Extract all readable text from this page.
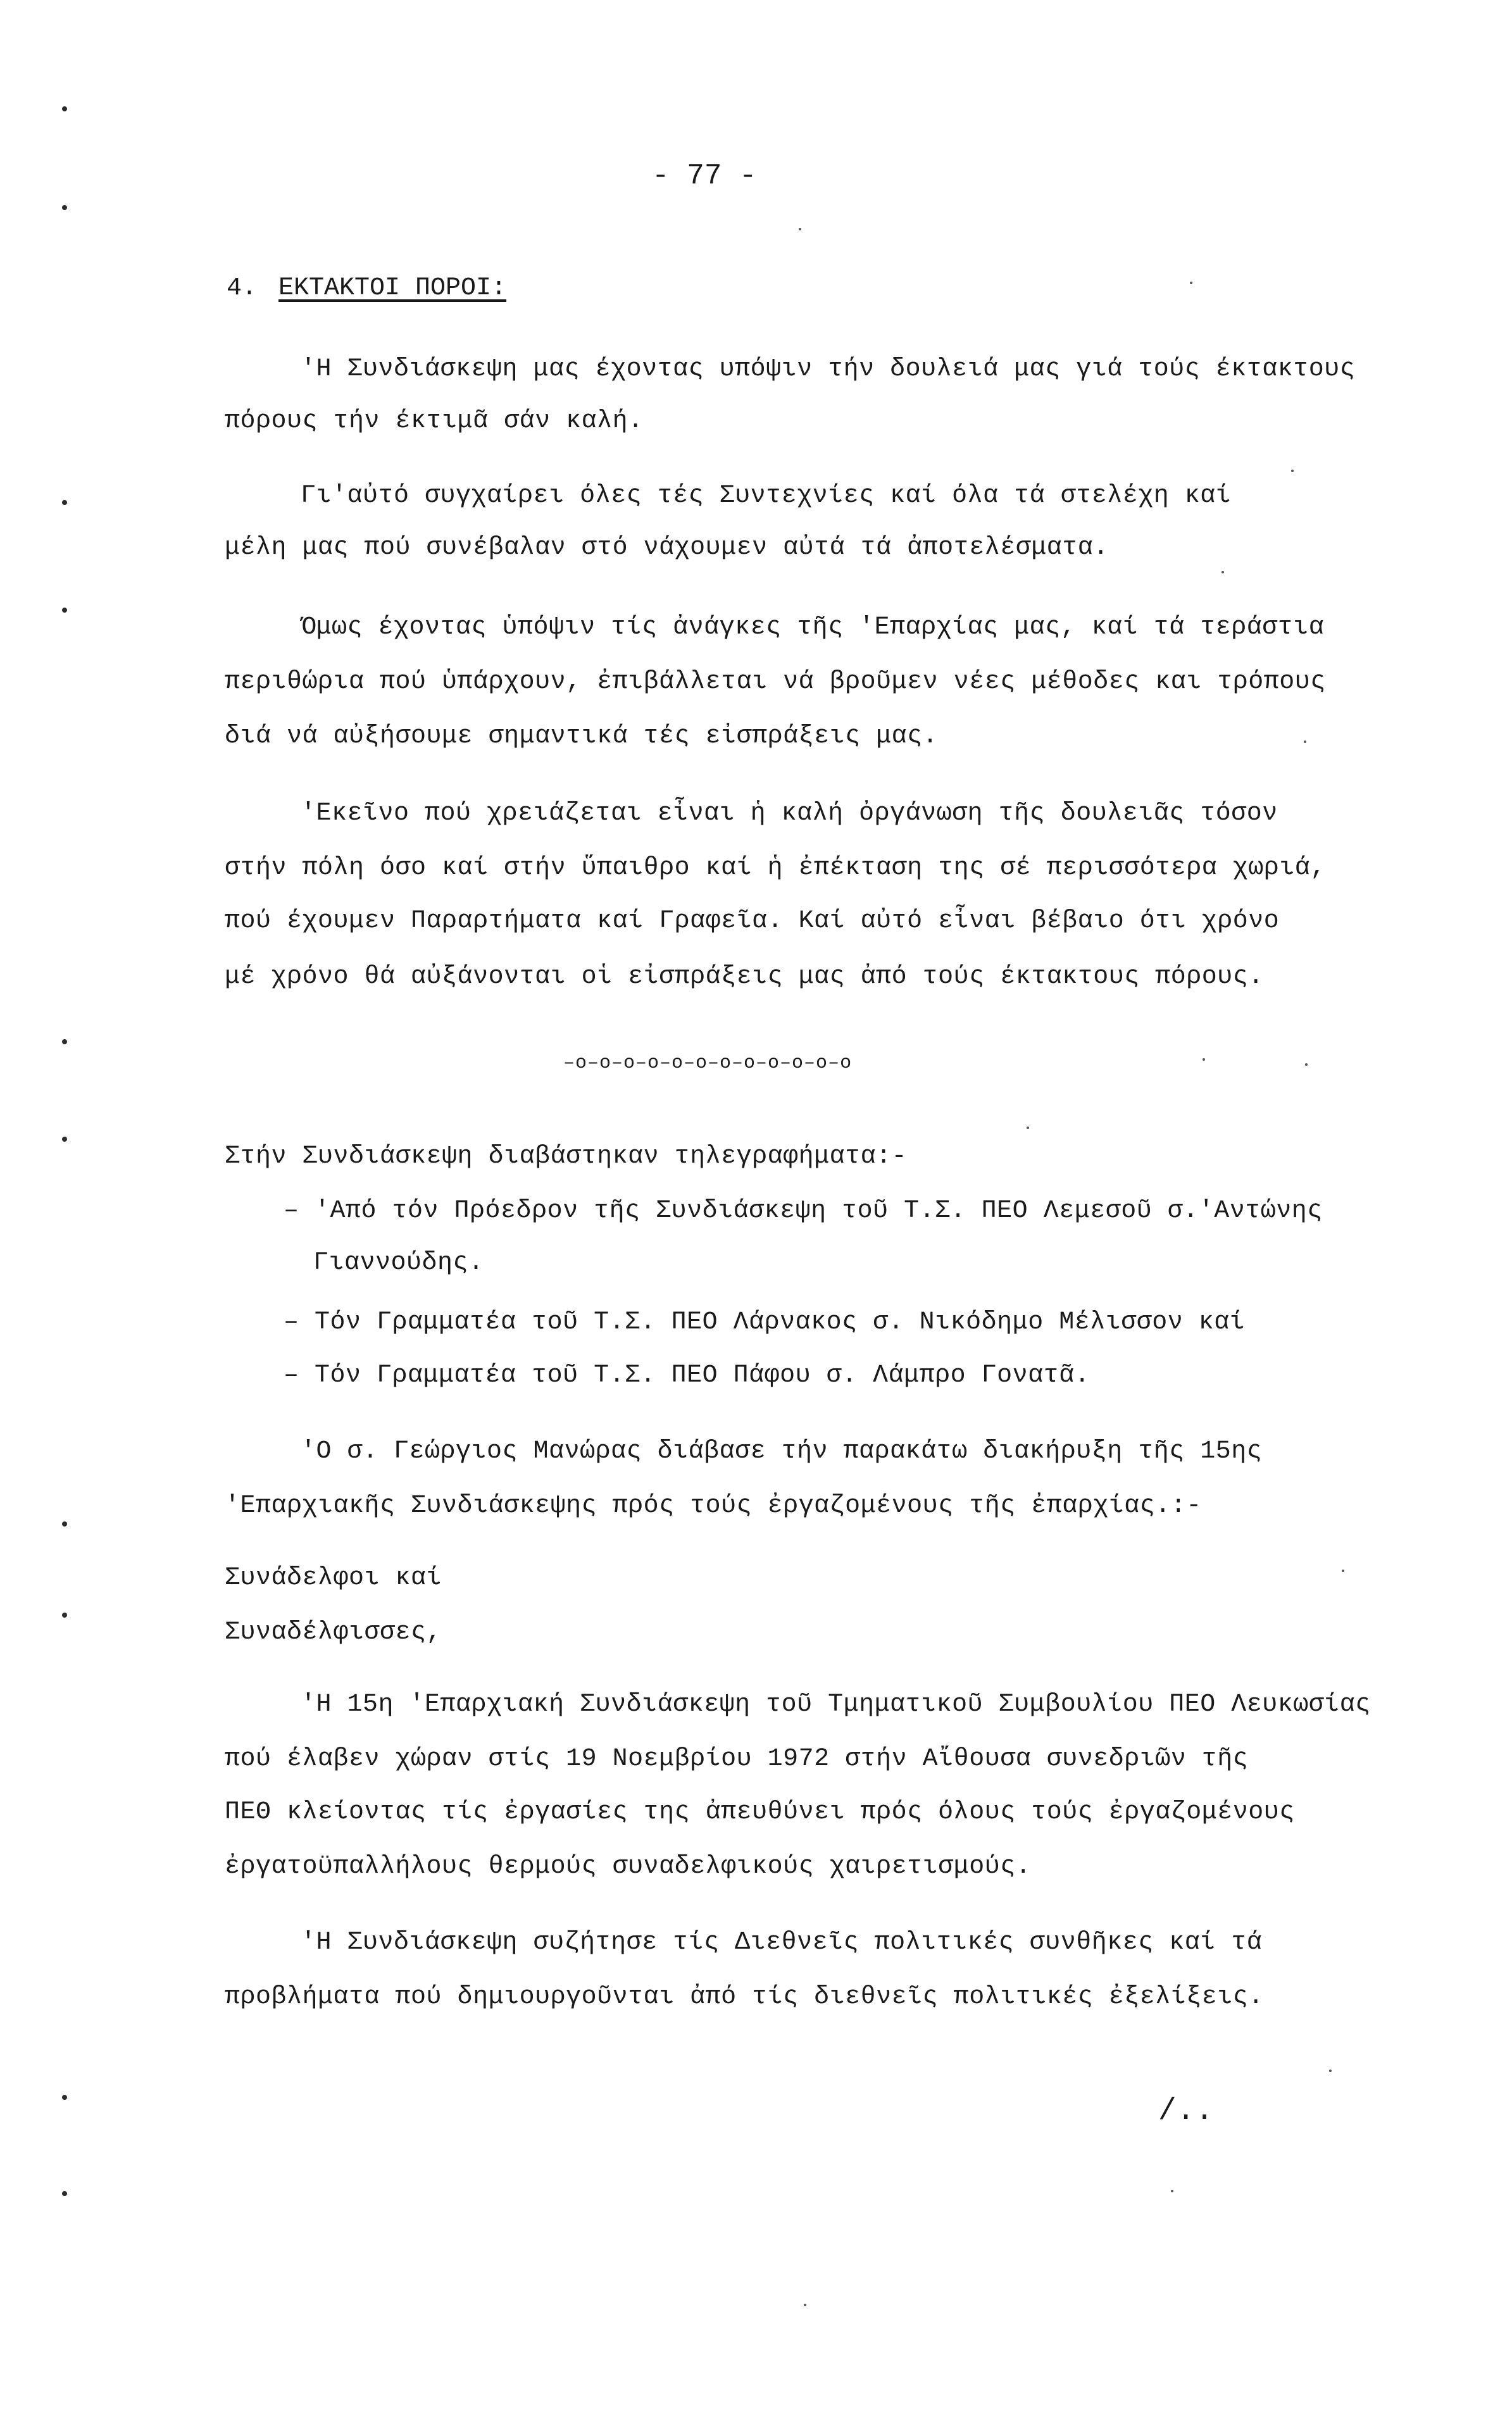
- 77 -
4. ΕΚΤΑΚΤΟΙ ΠΟΡΟΙ:
'Η Συνδιάσκεψη μας έχοντας υπόψιν τήν δουλειά μας γιά τούς έκτακτους
πόρους τήν έκτιμᾶ σάν καλή.
Γι'αὐτό συγχαίρει όλες τές Συντεχνίες καί όλα τά στελέχη καί
μέλη μας πού συνέβαλαν στό νάχουμεν αὐτά τά ἀποτελέσματα.
Όμως έχοντας ὑπόψιν τίς ἀνάγκες τῆς 'Επαρχίας μας, καί τά τεράστια
περιθώρια πού ὑπάρχουν, ἐπιβάλλεται νά βροῦμεν νέες μέθοδες και τρόπους
διά νά αὐξήσουμε σημαντικά τές εἰσπράξεις μας.
'Εκεῖνο πού χρειάζεται εἶναι ἡ καλή ὀργάνωση τῆς δουλειᾶς τόσον
στήν πόλη όσο καί στήν ὕπαιθρο καί ἡ ἐπέκταση της σέ περισσότερα χωριά,
πού έχουμεν Παραρτήματα καί Γραφεῖα. Καί αὐτό εἶναι βέβαιο ότι χρόνο
μέ χρόνο θά αὐξάνονται οἱ εἰσπράξεις μας ἀπό τούς έκτακτους πόρους.
–o–o–o–o–o–o–o–o–o–o–o–o
Στήν Συνδιάσκεψη διαβάστηκαν τηλεγραφήματα:-
– 'Από τόν Πρόεδρον τῆς Συνδιάσκεψη τοῦ Τ.Σ. ΠΕΟ Λεμεσοῦ σ.'Αντώνης
Γιαννούδης.
– Τόν Γραμματέα τοῦ Τ.Σ. ΠΕΟ Λάρνακος σ. Νικόδημο Μέλισσον καί
– Τόν Γραμματέα τοῦ Τ.Σ. ΠΕΟ Πάφου σ. Λάμπρο Γονατᾶ.
'Ο σ. Γεώργιος Μανώρας διάβασε τήν παρακάτω διακήρυξη τῆς 15ης
'Επαρχιακῆς Συνδιάσκεψης πρός τούς ἐργαζομένους τῆς ἐπαρχίας.:-
Συνάδελφοι καί
Συναδέλφισσες,
'Η 15η 'Επαρχιακή Συνδιάσκεψη τοῦ Τμηματικοῦ Συμβουλίου ΠΕΟ Λευκωσίας
πού έλαβεν χώραν στίς 19 Νοεμβρίου 1972 στήν Αἴθουσα συνεδριῶν τῆς
ΠΕΘ κλείοντας τίς ἐργασίες της ἀπευθύνει πρός όλους τούς ἐργαζομένους
ἐργατοϋπαλλήλους θερμούς συναδελφικούς χαιρετισμούς.
'Η Συνδιάσκεψη συζήτησε τίς Διεθνεῖς πολιτικές συνθῆκες καί τά
προβλήματα πού δημιουργοῦνται ἀπό τίς διεθνεῖς πολιτικές ἐξελίξεις.
/..
